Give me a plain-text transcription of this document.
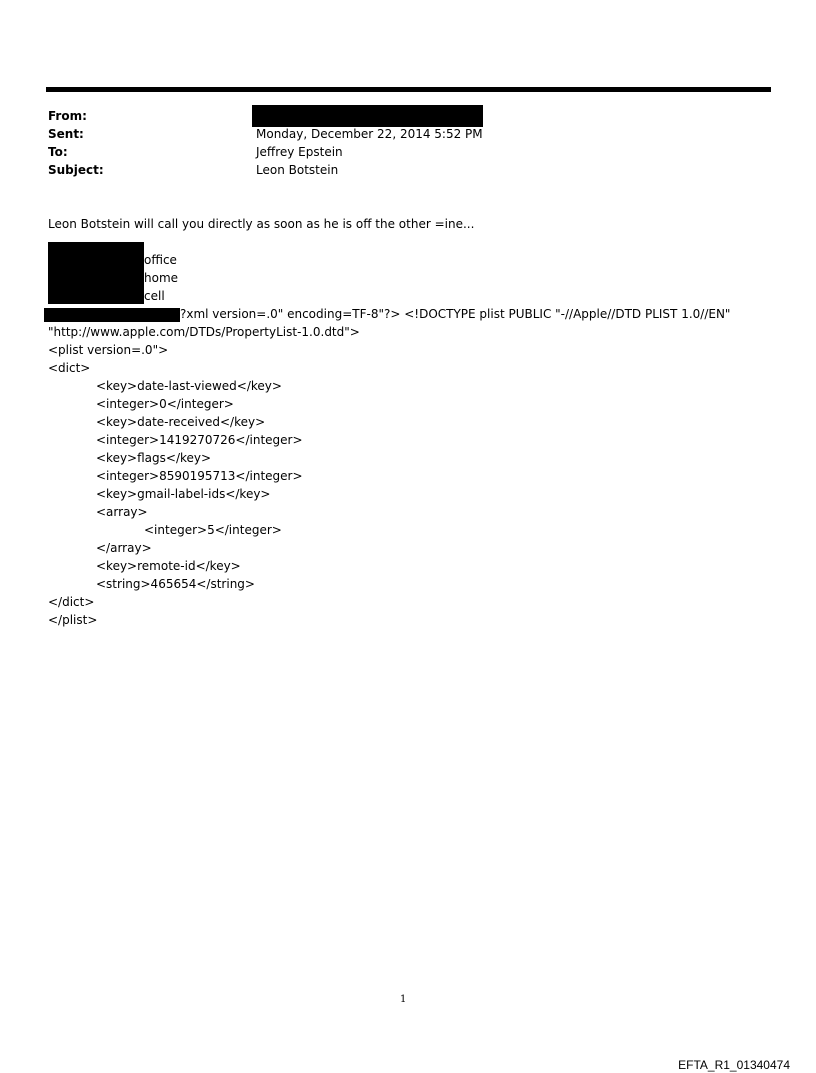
From:
Sent:	Monday, December 22, 2014 5:52 PM
To:	Jeffrey Epstein
Subject:	Leon Botstein
Leon Botstein will call you directly as soon as he is off the other =ine...
office
home
cell
?xml version=.0" encoding=TF-8"?> <!DOCTYPE plist PUBLIC "-//Apple//DTD PLIST 1.0//EN"
"http://www.apple.com/DTDs/PropertyList-1.0.dtd">
<plist version=.0">
<dict>
<key>date-last-viewed</key>
<integer>0</integer>
<key>date-received</key>
<integer>1419270726</integer>
<key>flags</key>
<integer>8590195713</integer>
<key>gmail-label-ids</key>
<array>
<integer>5</integer>
</array>
<key>remote-id</key>
<string>465654</string>
</dict>
</plist>
1
EFTA_R1_01340474
